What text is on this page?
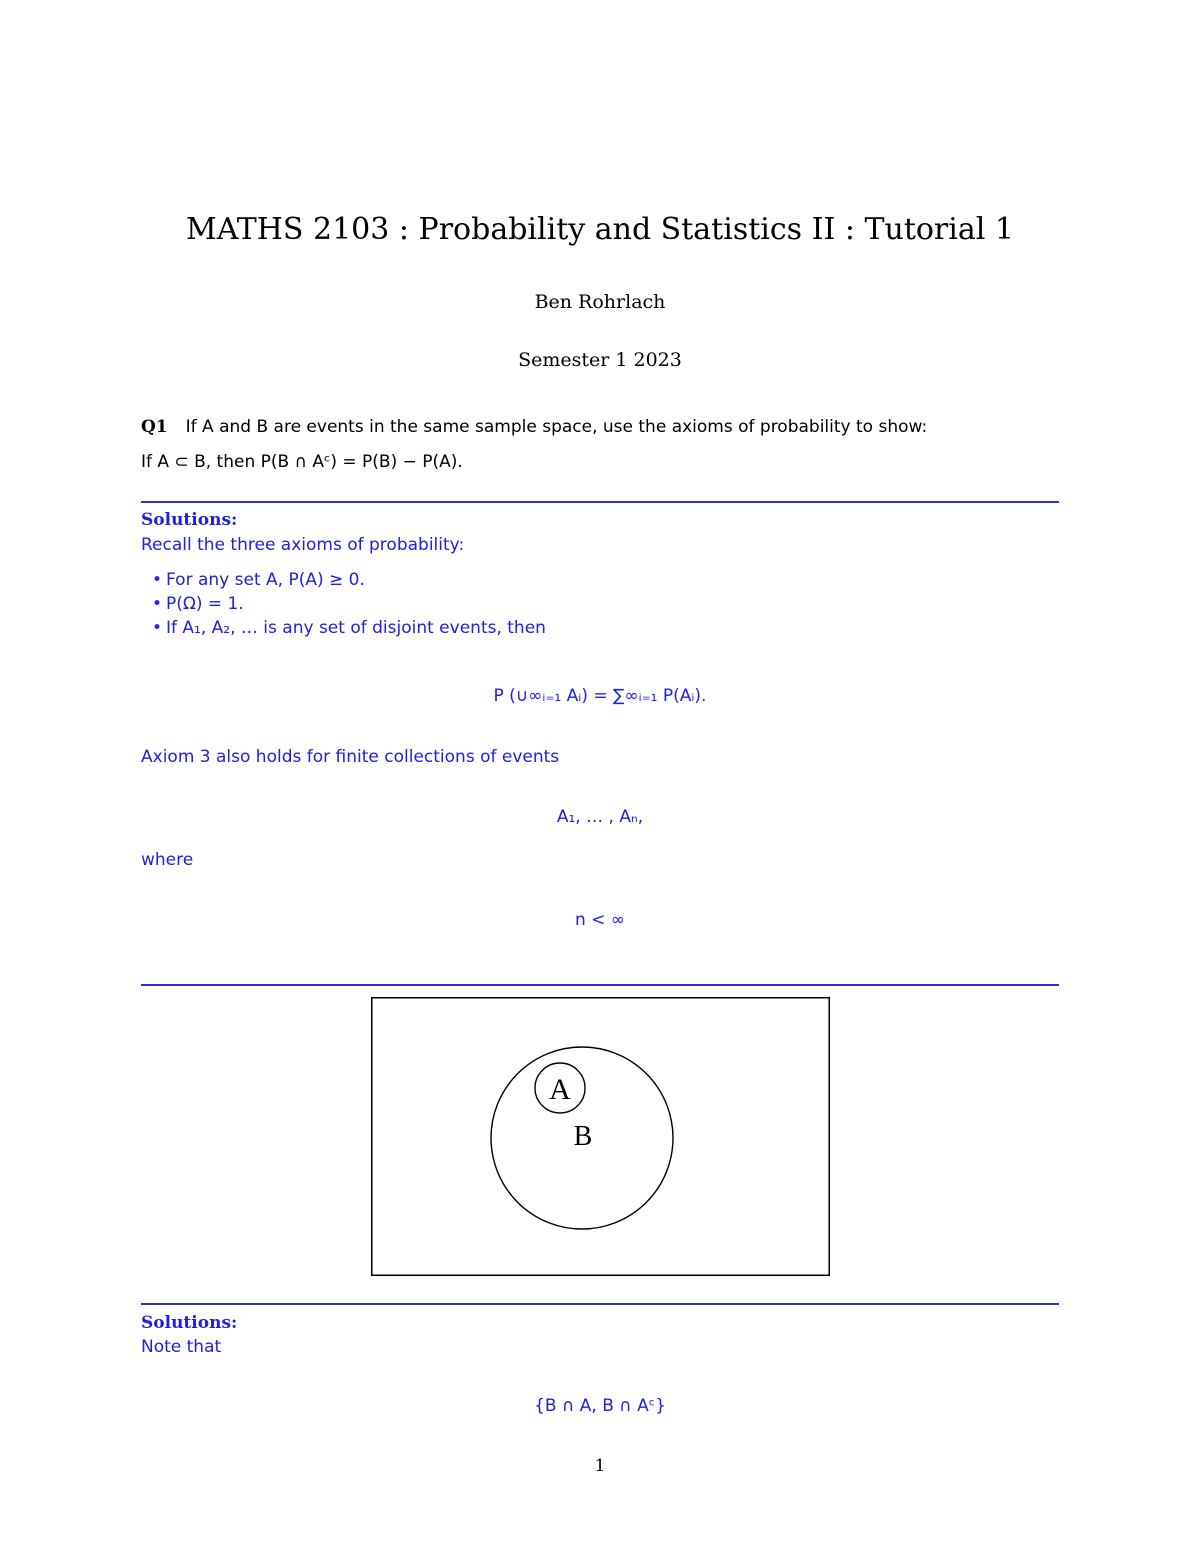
MATHS 2103 : Probability and Statistics II : Tutorial 1
Ben Rohrlach
Semester 1 2023
Q1 If A and B are events in the same sample space, use the axioms of probability to show:
If A ⊂ B, then P(B ∩ Aᶜ) = P(B) − P(A).
Solutions:
Recall the three axioms of probability:
• For any set A, P(A) ≥ 0.
• P(Ω) = 1.
• If A₁, A₂, … is any set of disjoint events, then
P (∪∞ᵢ₌₁ Aᵢ) = ∑∞ᵢ₌₁ P(Aᵢ).
Axiom 3 also holds for finite collections of events
A₁, … , Aₙ,
where
n < ∞
A
B
Solutions:
Note that
{B ∩ A, B ∩ Aᶜ}
1
